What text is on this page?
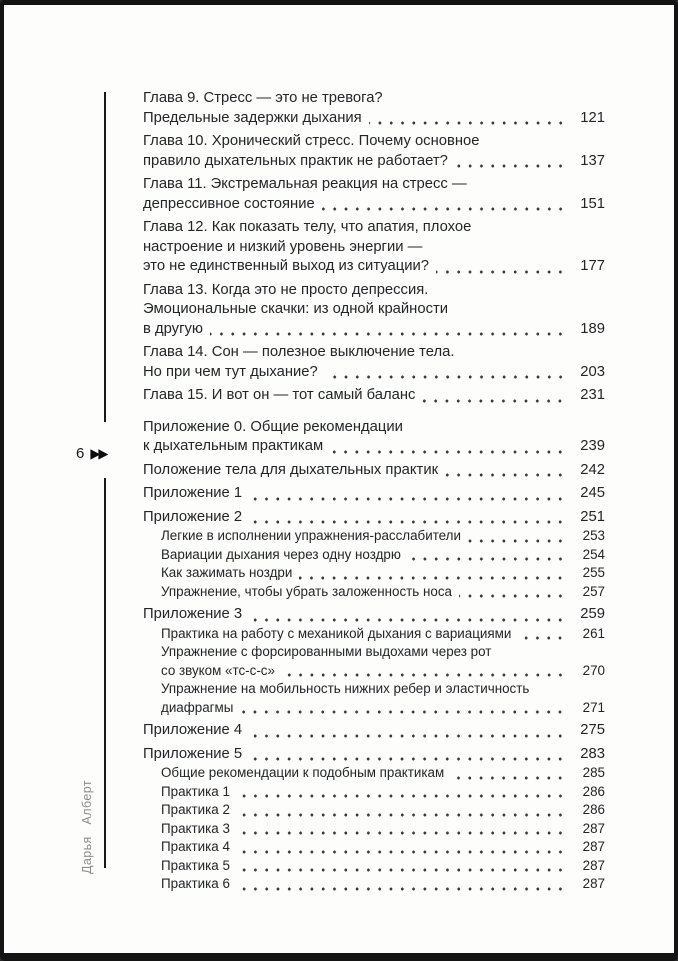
6 ▶▶
Дарья Алберт
Глава 9. Стресс — это не тревога?
Предельные задержки дыхания	121
Глава 10. Хронический стресс. Почему основное
правило дыхательных практик не работает?	137
Глава 11. Экстремальная реакция на стресс —
депрессивное состояние	151
Глава 12. Как показать телу, что апатия, плохое
настроение и низкий уровень энергии —
это не единственный выход из ситуации?	177
Глава 13. Когда это не просто депрессия.
Эмоциональные скачки: из одной крайности
в другую	189
Глава 14. Сон — полезное выключение тела.
Но при чем тут дыхание?	203
Глава 15. И вот он — тот самый баланс	231
Приложение 0. Общие рекомендации
к дыхательным практикам	239
Положение тела для дыхательных практик	242
Приложение 1	245
Приложение 2	251
Легкие в исполнении упражнения-расслабители	253
Вариации дыхания через одну ноздрю	254
Как зажимать ноздри	255
Упражнение, чтобы убрать заложенность носа	257
Приложение 3	259
Практика на работу с механикой дыхания с вариациями	261
Упражнение с форсированными выдохами через рот
со звуком «тс-с-с»	270
Упражнение на мобильность нижних ребер и эластичность
диафрагмы	271
Приложение 4	275
Приложение 5	283
Общие рекомендации к подобным практикам	285
Практика 1	286
Практика 2	286
Практика 3	287
Практика 4	287
Практика 5	287
Практика 6	287
